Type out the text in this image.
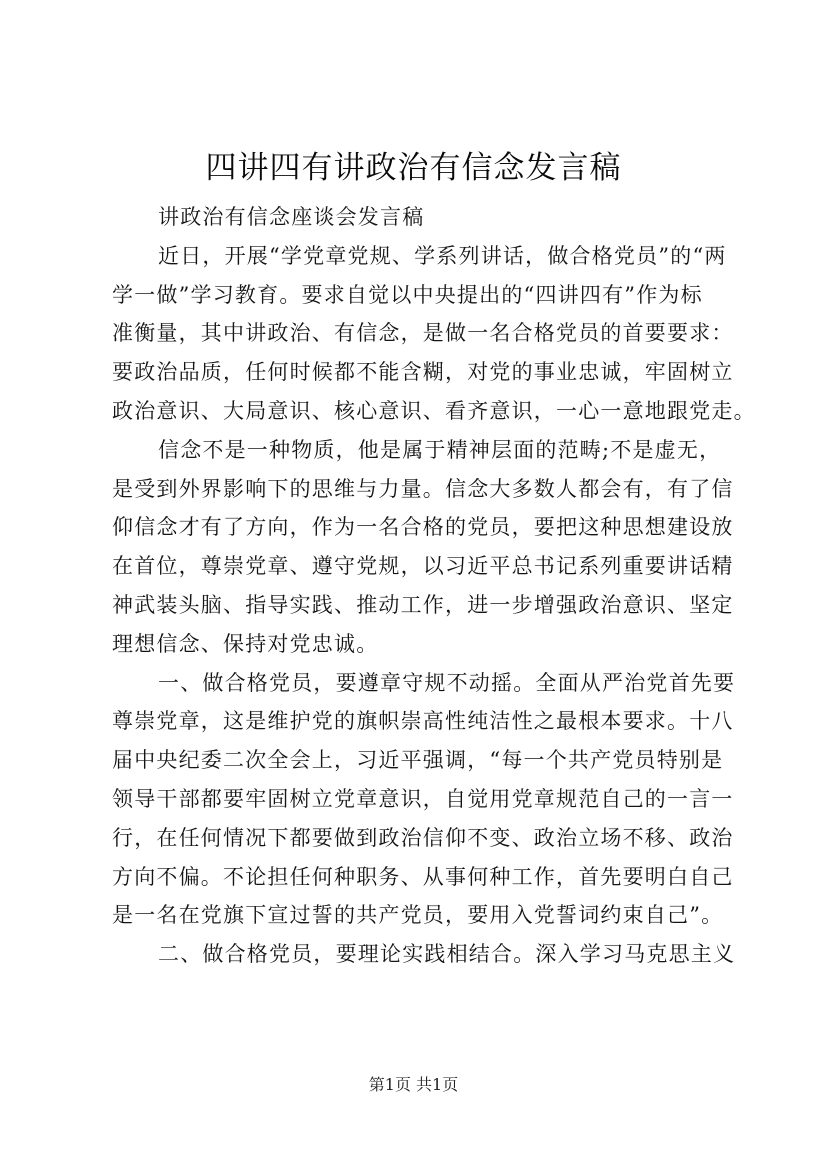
四讲四有讲政治有信念发言稿
讲政治有信念座谈会发言稿
近日，开展“学党章党规、学系列讲话，做合格党员”的“两
学一做”学习教育。要求自觉以中央提出的“四讲四有”作为标
准衡量，其中讲政治、有信念，是做一名合格党员的首要要求：
要政治品质，任何时候都不能含糊，对党的事业忠诚，牢固树立
政治意识、大局意识、核心意识、看齐意识，一心一意地跟党走。
信念不是一种物质，他是属于精神层面的范畴;不是虚无，
是受到外界影响下的思维与力量。信念大多数人都会有，有了信
仰信念才有了方向，作为一名合格的党员，要把这种思想建设放
在首位，尊崇党章、遵守党规，以习近平总书记系列重要讲话精
神武装头脑、指导实践、推动工作，进一步增强政治意识、坚定
理想信念、保持对党忠诚。
一、做合格党员，要遵章守规不动摇。全面从严治党首先要
尊崇党章，这是维护党的旗帜崇高性纯洁性之最根本要求。十八
届中央纪委二次全会上，习近平强调，“每一个共产党员特别是
领导干部都要牢固树立党章意识，自觉用党章规范自己的一言一
行，在任何情况下都要做到政治信仰不变、政治立场不移、政治
方向不偏。不论担任何种职务、从事何种工作，首先要明白自己
是一名在党旗下宣过誓的共产党员，要用入党誓词约束自己”。
二、做合格党员，要理论实践相结合。深入学习马克思主义
第1页 共1页
